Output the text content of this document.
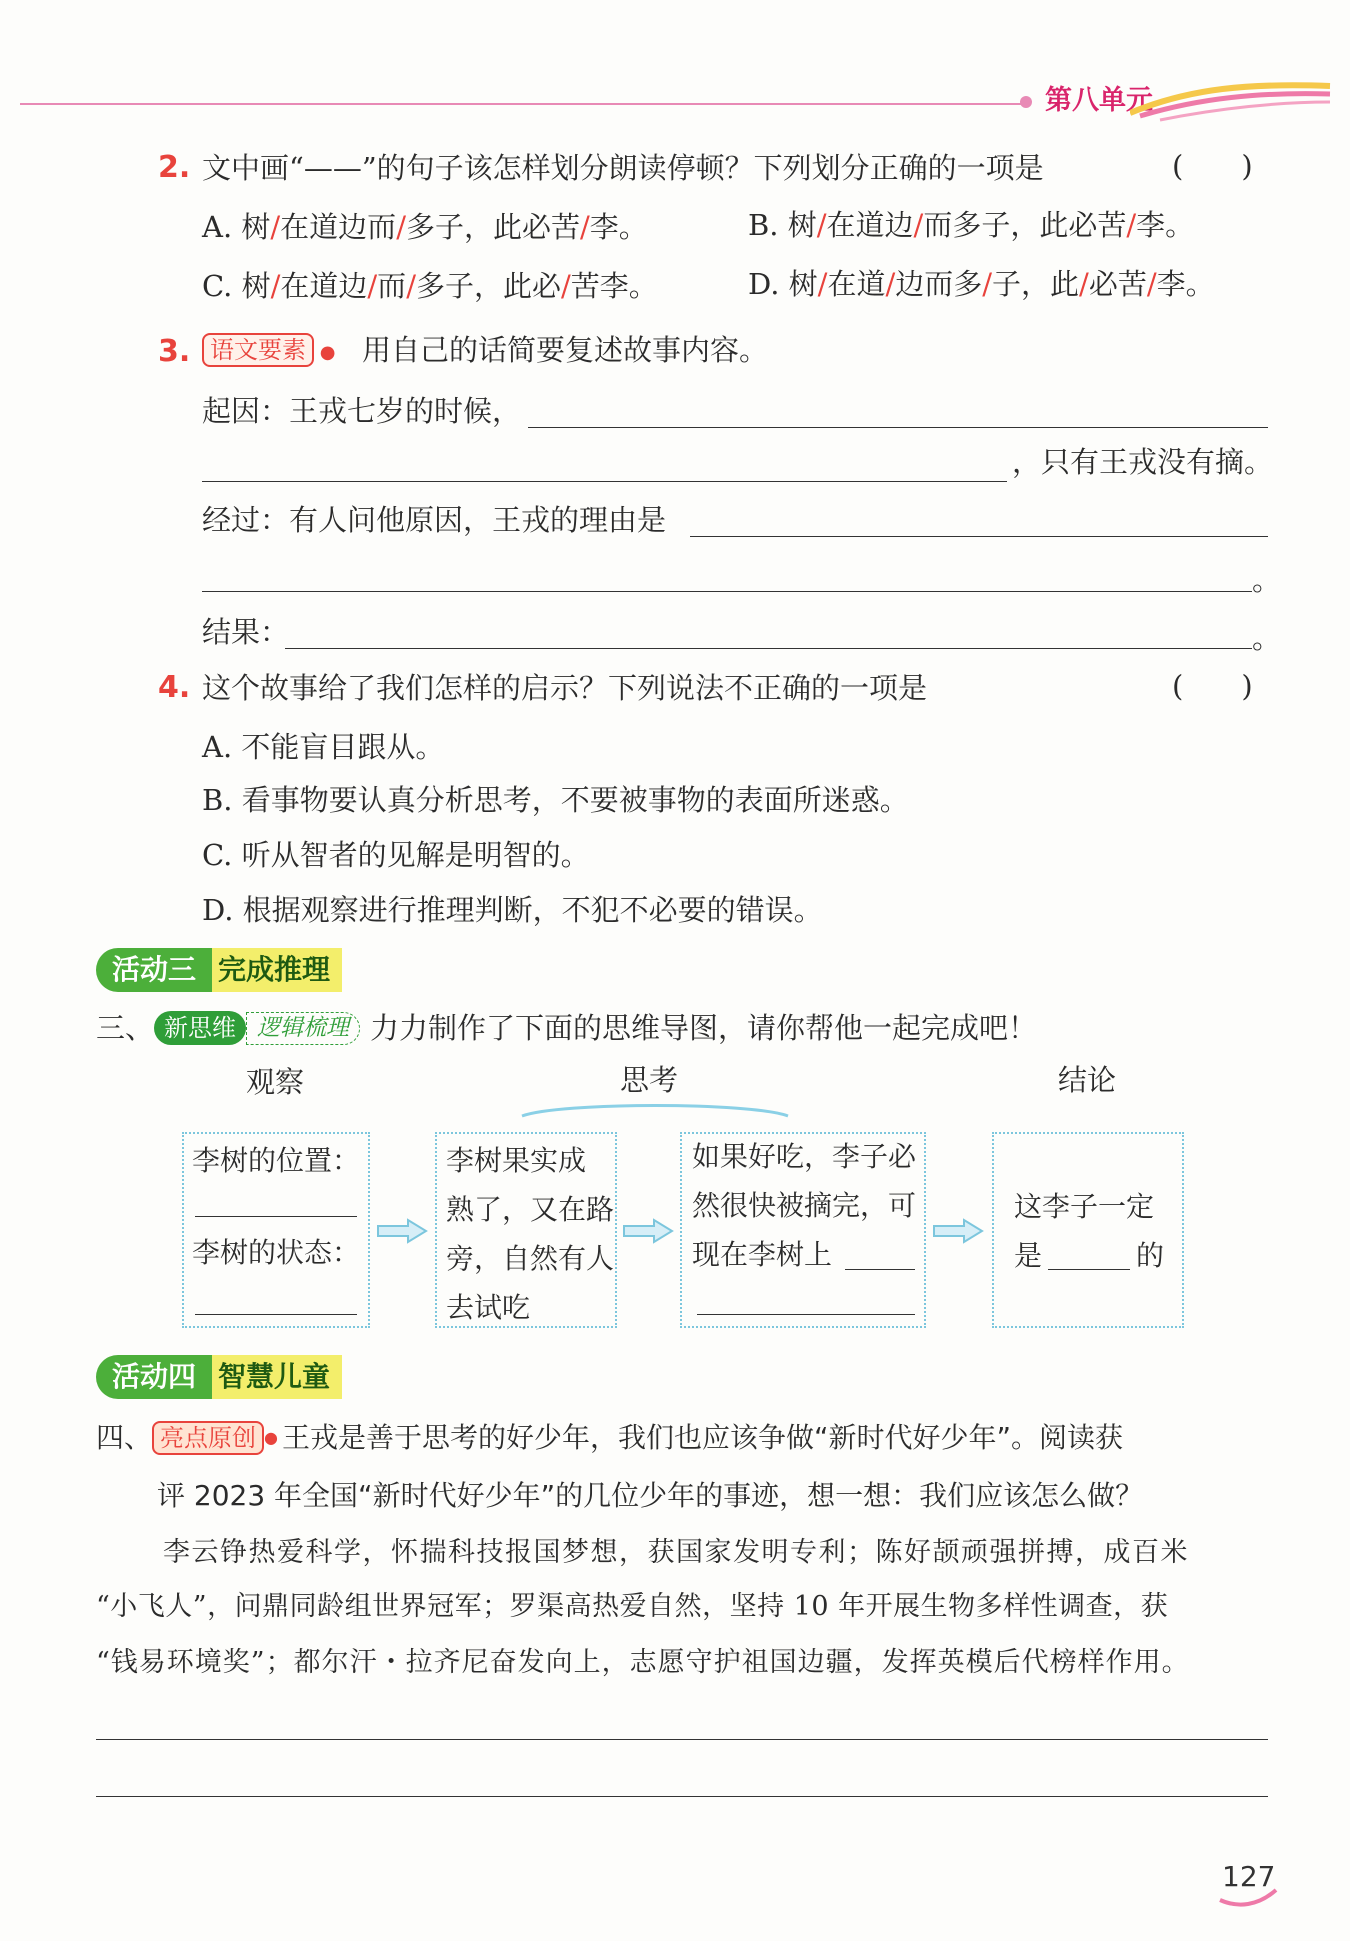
第八单元
2. 文中画“——”的句子该怎样划分朗读停顿？下列划分正确的一项是	(　　)
A. 树/在道边而/多子，此必苦/李。	B. 树/在道边/而多子，此必苦/李。
C. 树/在道边/而/多子，此必/苦李。	D. 树/在道/边而多/子，此/必苦/李。
3. 语文要素 ● 用自己的话简要复述故事内容。
起因：王戎七岁的时候，
，只有王戎没有摘。
经过：有人问他原因，王戎的理由是
。
结果：	。
4. 这个故事给了我们怎样的启示？下列说法不正确的一项是	(　　)
A. 不能盲目跟从。
B. 看事物要认真分析思考，不要被事物的表面所迷惑。
C. 听从智者的见解是明智的。
D. 根据观察进行推理判断，不犯不必要的错误。
活动三 完成推理
三、 新思维 逻辑梳理 力力制作了下面的思维导图，请你帮他一起完成吧！
观察	思考	结论
李树的位置：
李树的状态：
李树果实成
熟了，又在路
旁，自然有人
去试吃
如果好吃，李子必
然很快被摘完，可
现在李树上
这李子一定
是	的
活动四 智慧儿童
四、 亮点原创 ● 王戎是善于思考的好少年，我们也应该争做“新时代好少年”。阅读获
评 2023 年全国“新时代好少年”的几位少年的事迹，想一想：我们应该怎么做？
李云铮热爱科学，怀揣科技报国梦想，获国家发明专利；陈好颉顽强拼搏，成百米
“小飞人”，问鼎同龄组世界冠军；罗渠高热爱自然，坚持 10 年开展生物多样性调查，获
“钱易环境奖”；都尔汗・拉齐尼奋发向上，志愿守护祖国边疆，发挥英模后代榜样作用。
127
